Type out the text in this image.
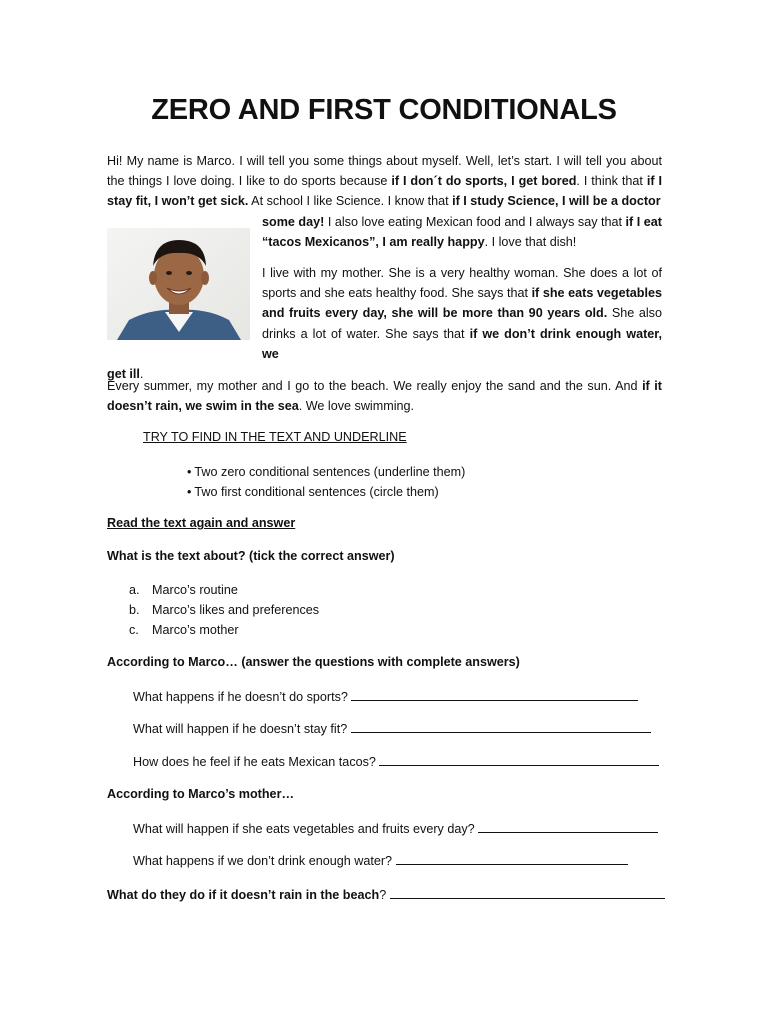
ZERO AND FIRST CONDITIONALS

Hi! My name is Marco. I will tell you some things about myself. Well, let’s start. I will tell you about the things I love doing. I like to do sports because if I don´t do sports, I get bored. I think that if I stay fit, I won’t get sick. At school I like Science. I know that if I study Science, I will be a doctor
some day! I also love eating Mexican food and I always say that if I eat “tacos Mexicanos”, I am really happy. I love that dish!

I live with my mother. She is a very healthy woman. She does a lot of sports and she eats healthy food. She says that if she eats vegetables and fruits every day, she will be more than 90 years old. She also drinks a lot of water. She says that if we don’t drink enough water, we
get ill.

Every summer, my mother and I go to the beach. We really enjoy the sand and the sun. And if it doesn’t rain, we swim in the sea. We love swimming.

TRY TO FIND IN THE TEXT AND UNDERLINE
• Two zero conditional sentences (underline them)
• Two first conditional sentences (circle them)
Read the text again and answer
What is the text about? (tick the correct answer)
a. Marco’s routine
b. Marco’s likes and preferences
c. Marco’s mother
According to Marco… (answer the questions with complete answers)
What happens if he doesn’t do sports?
What will happen if he doesn’t stay fit?
How does he feel if he eats Mexican tacos?
According to Marco’s mother…
What will happen if she eats vegetables and fruits every day?
What happens if we don’t drink enough water?
What do they do if it doesn’t rain in the beach?
